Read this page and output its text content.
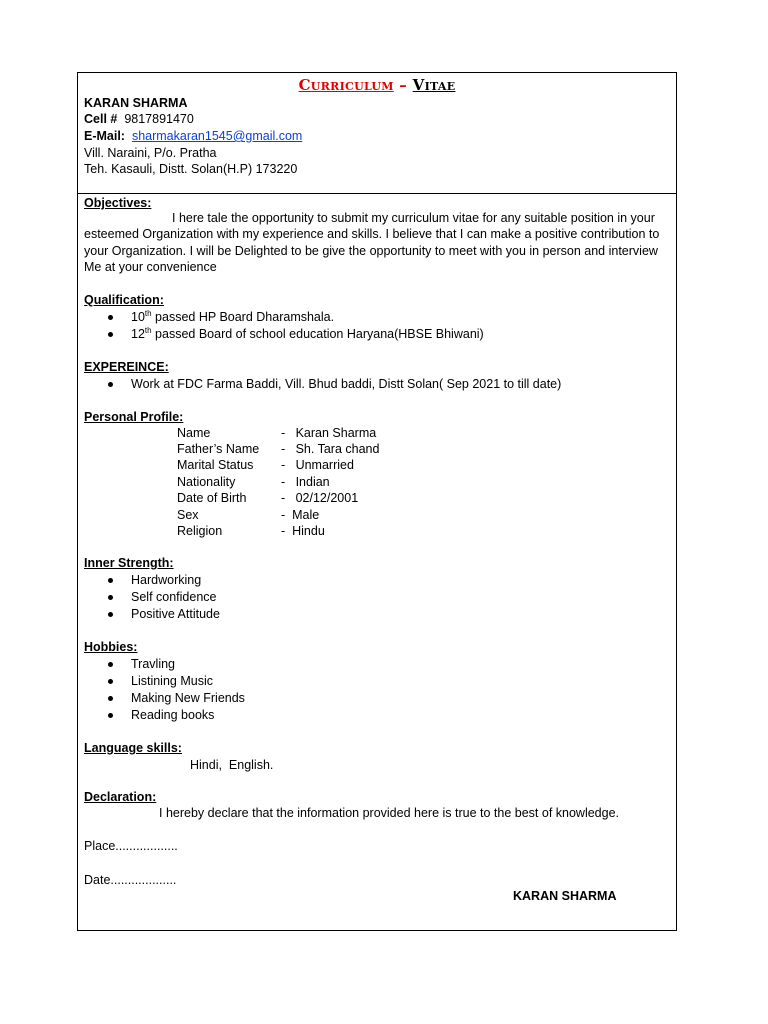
Curriculum – Vitae
KARAN SHARMA
Cell # 9817891470
E-Mail: sharmakaran1545@gmail.com
Vill. Naraini, P/o. Pratha
Teh. Kasauli, Distt. Solan(H.P) 173220
Objectives:
I here tale the opportunity to submit my curriculum vitae for any suitable position in your esteemed Organization with my experience and skills. I believe that I can make a positive contribution to your Organization. I will be Delighted to be give the opportunity to meet with you in person and interview Me at your convenience
Qualification:
10th passed HP Board Dharamshala.
12th passed Board of school education Haryana(HBSE Bhiwani)
EXPEREINCE:
Work at FDC Farma Baddi, Vill. Bhud baddi, Distt Solan( Sep 2021 to till date)
Personal Profile:
Name	-   Karan Sharma
Father’s Name -   Sh. Tara chand
Marital Status -   Unmarried
Nationality	-   Indian
Date of Birth	-   02/12/2001
Sex	-  Male
Religion	-  Hindu
Inner Strength:
Hardworking
Self confidence
Positive Attitude
Hobbies:
Travling
Listining Music
Making New Friends
Reading books
Language skills:
Hindi,  English.
Declaration:
I hereby declare that the information provided here is true to the best of knowledge.
Place..................
Date...................
KARAN SHARMA
